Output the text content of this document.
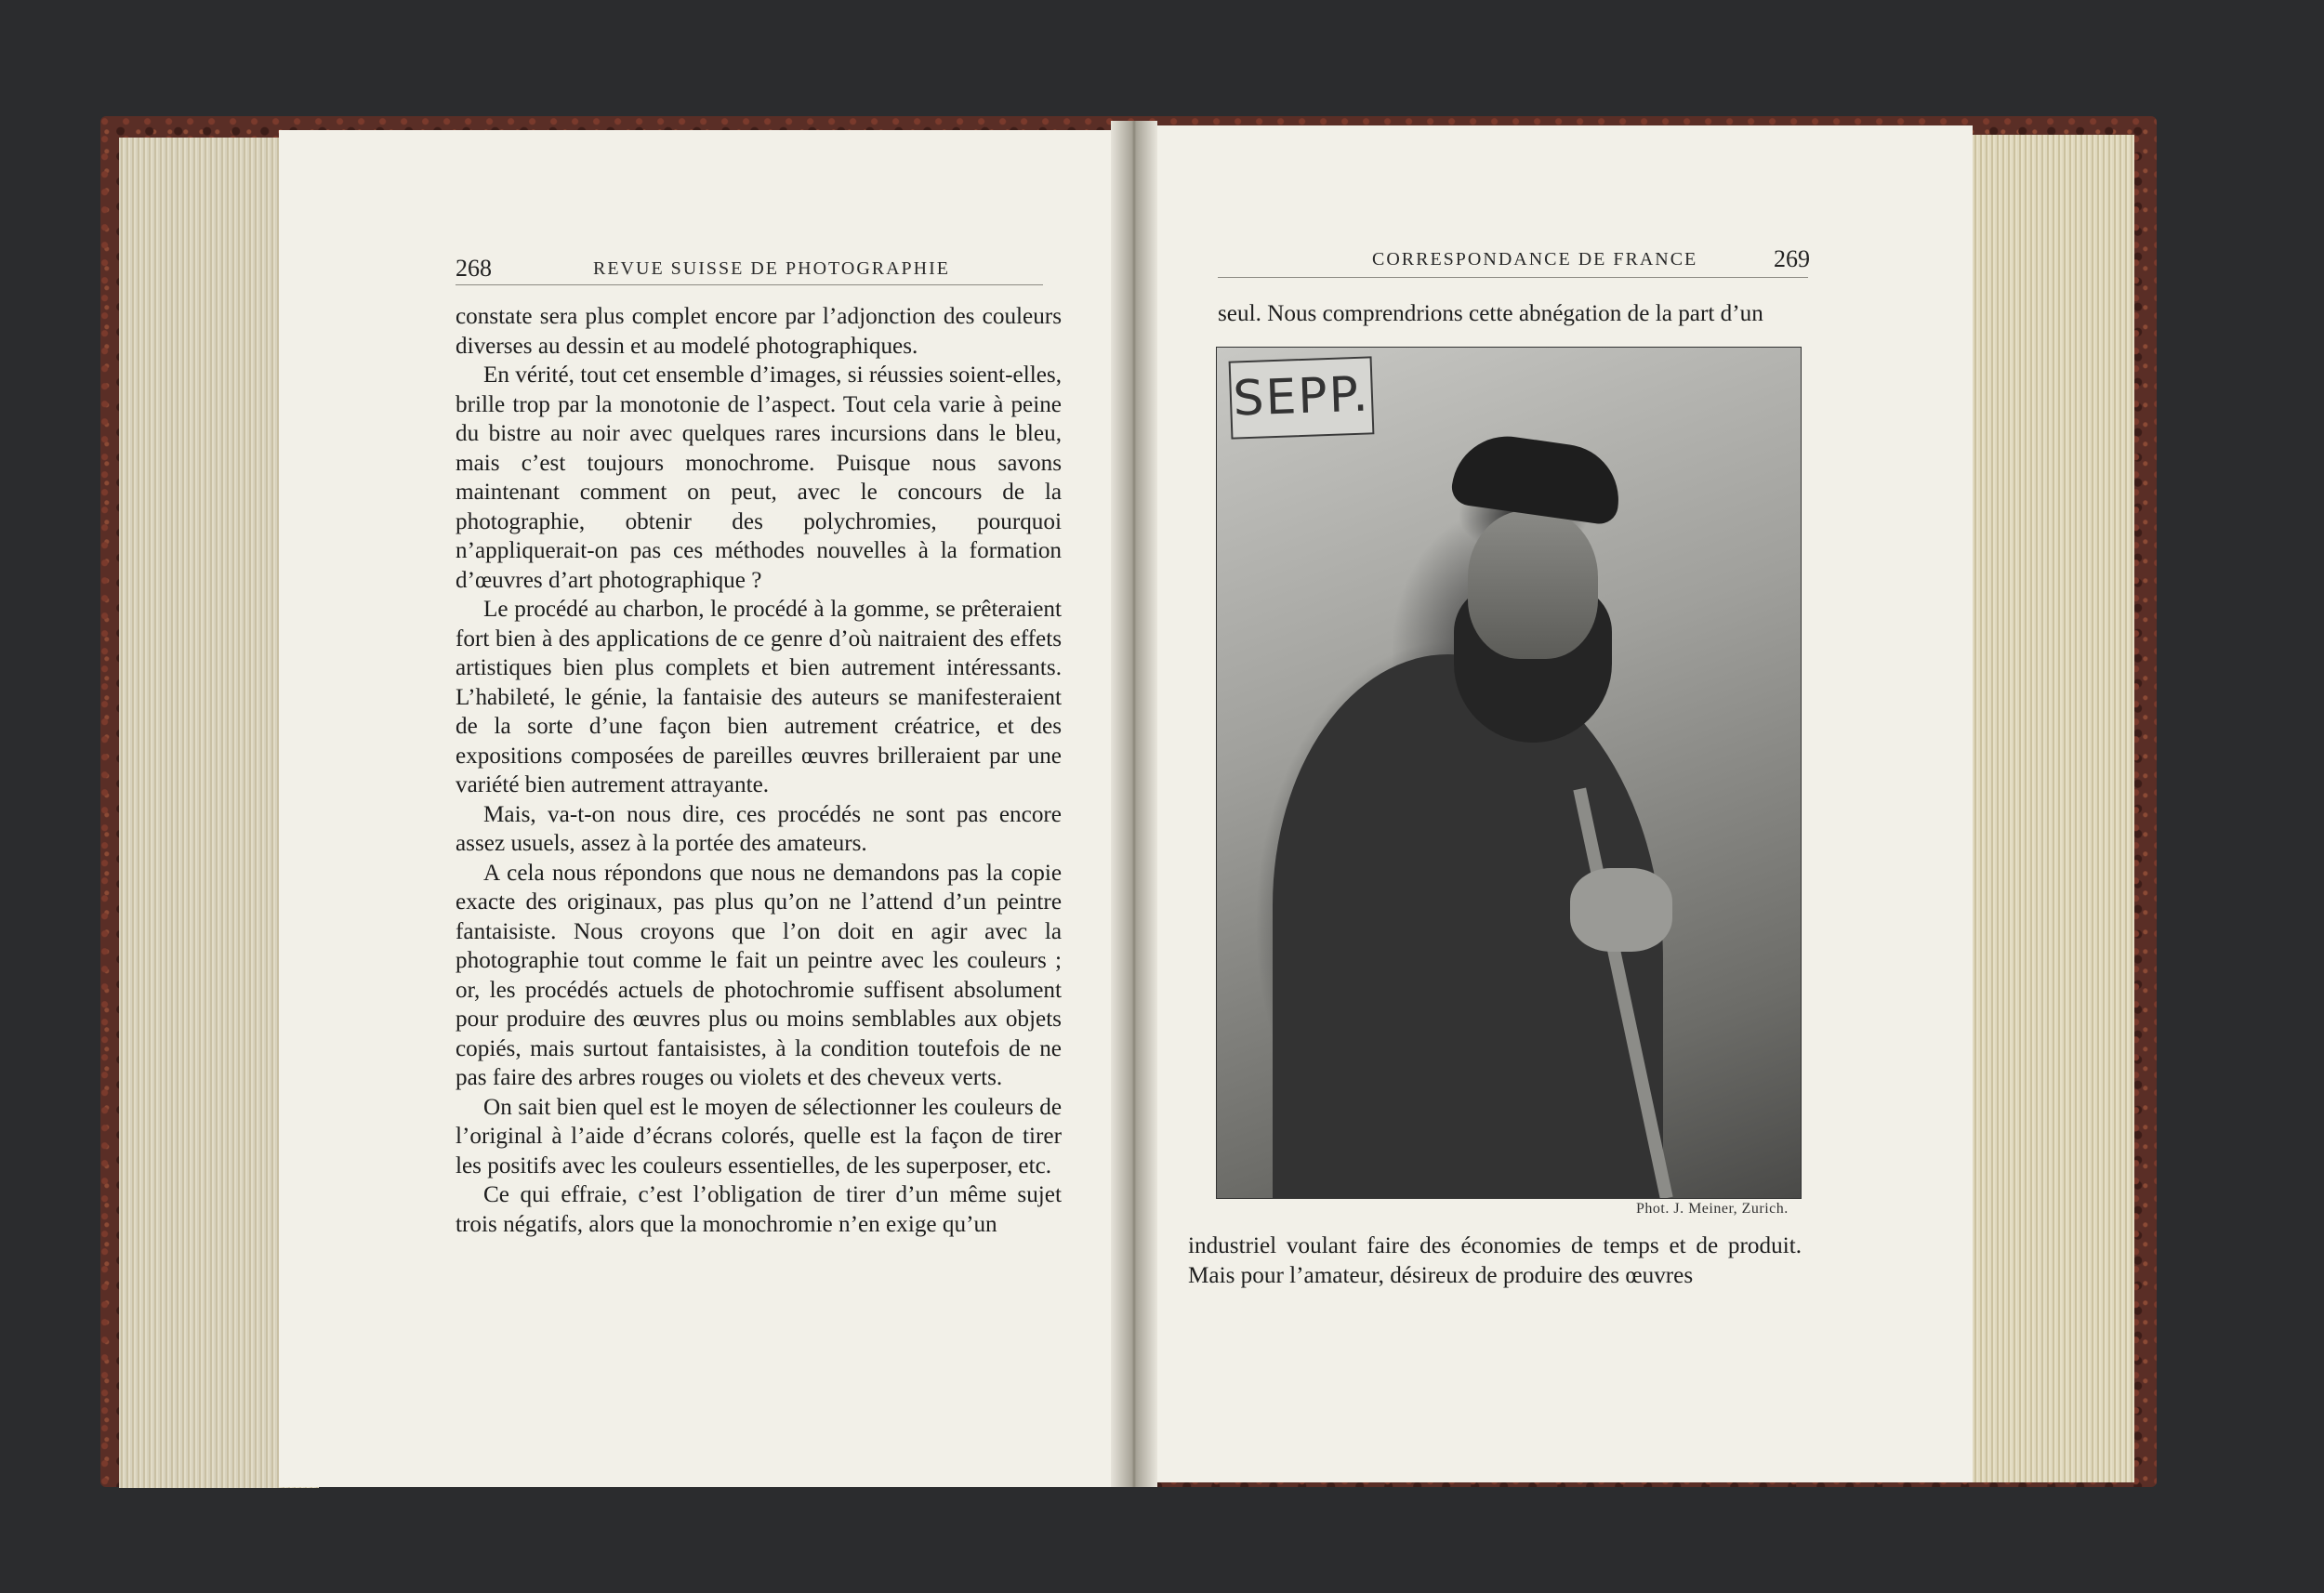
268	REVUE SUISSE DE PHOTOGRAPHIE

constate sera plus complet encore par l’adjonction des couleurs diverses au dessin et au modelé photographiques.

En vérité, tout cet ensemble d’images, si réussies soient-elles, brille trop par la monotonie de l’aspect. Tout cela varie à peine du bistre au noir avec quelques rares incursions dans le bleu, mais c’est toujours monochrome. Puisque nous savons maintenant comment on peut, avec le concours de la photographie, obtenir des polychromies, pourquoi n’appliquerait-on pas ces méthodes nouvelles à la formation d’œuvres d’art photographique ?

Le procédé au charbon, le procédé à la gomme, se prêteraient fort bien à des applications de ce genre d’où naitraient des effets artistiques bien plus complets et bien autrement intéressants. L’habileté, le génie, la fantaisie des auteurs se manifesteraient de la sorte d’une façon bien autrement créatrice, et des expositions composées de pareilles œuvres brilleraient par une variété bien autrement attrayante.

Mais, va-t-on nous dire, ces procédés ne sont pas encore assez usuels, assez à la portée des amateurs.

A cela nous répondons que nous ne demandons pas la copie exacte des originaux, pas plus qu’on ne l’attend d’un peintre fantaisiste. Nous croyons que l’on doit en agir avec la photographie tout comme le fait un peintre avec les couleurs ; or, les procédés actuels de photochromie suffisent absolument pour produire des œuvres plus ou moins semblables aux objets copiés, mais surtout fantaisistes, à la condition toutefois de ne pas faire des arbres rouges ou violets et des cheveux verts.

On sait bien quel est le moyen de sélectionner les couleurs de l’original à l’aide d’écrans colorés, quelle est la façon de tirer les positifs avec les couleurs essentielles, de les superposer, etc.

Ce qui effraie, c’est l’obligation de tirer d’un même sujet trois négatifs, alors que la monochromie n’en exige qu’un

CORRESPONDANCE DE FRANCE	269

seul. Nous comprendrions cette abnégation de la part d’un

SEPP.
Phot. J. Meiner, Zurich.

industriel voulant faire des économies de temps et de produit. Mais pour l’amateur, désireux de produire des œuvres
